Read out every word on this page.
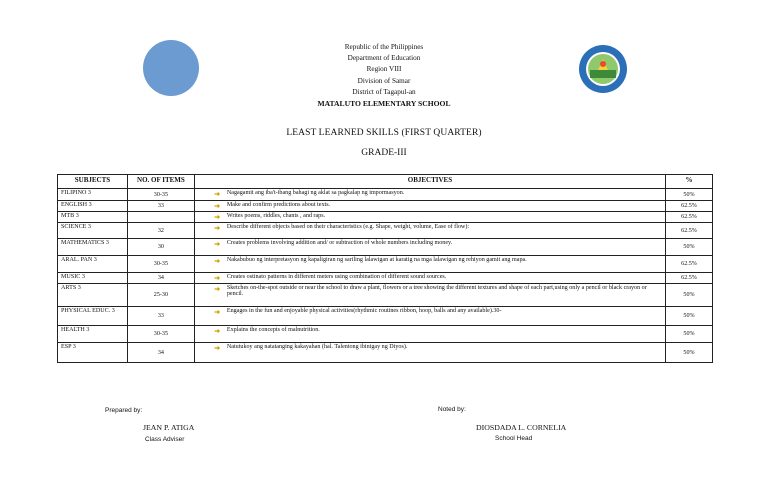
Republic of the Philippines
Department of Education
Region VIII
Division of Samar
District of Tagapul-an
MATALUTO ELEMENTARY SCHOOL
LEAST LEARNED SKILLS (FIRST QUARTER)
GRADE-III
SUBJECTS	NO. OF ITEMS	OBJECTIVES	%
FILIPINO 3	30-35	Nagagamit ang iba't-ibang bahagi ng aklat sa pagkalap ng impormasyon.	50%
ENGLISH 3	33	Make and confirm predictions about texts.	62.5%
MTB 3		Writes poems, riddles, chants , and raps.	62.5%
SCIENCE 3	32	Describe different objects based on their characteristics (e.g. Shape, weight, volume, Ease of flow):	62.5%
MATHEMATICS 3	30	Creates problems involving addition and/ or subtraction of whole numbers including money.	50%
ARAL. PAN 3	30-35	Nakabubuo ng interpretasyon ng kapaligiran ng sariling lalawigan at karatig na mga lalawigan ng rehiyon gamit ang mapa.	62.5%
MUSIC 3	34	Creates ostinato patterns in different meters using combination of different sound sources.	62.5%
ARTS 3	25-30	Sketches on-the-spot outside or near the school to draw a plant, flowers or a tree showing the different textures and shape of each part,using only a pencil or black crayon or pencil.	50%
PHYSICAL EDUC. 3	33	Engages in the fun and enjoyable physical activities(rhythmic routines ribbon, hoop, balls and any available).30-	50%
HEALTH 3	30-35	Explains the concepts of malnutrition.	50%
ESP 3	34	Natutukoy ang natatanging kakayahan (hal. Talentong ibinigay ng Diyos).	50%
Prepared by:
JEAN P. ATIGA
Class Adviser
Noted by:
DIOSDADA L. CORNELIA
School Head
